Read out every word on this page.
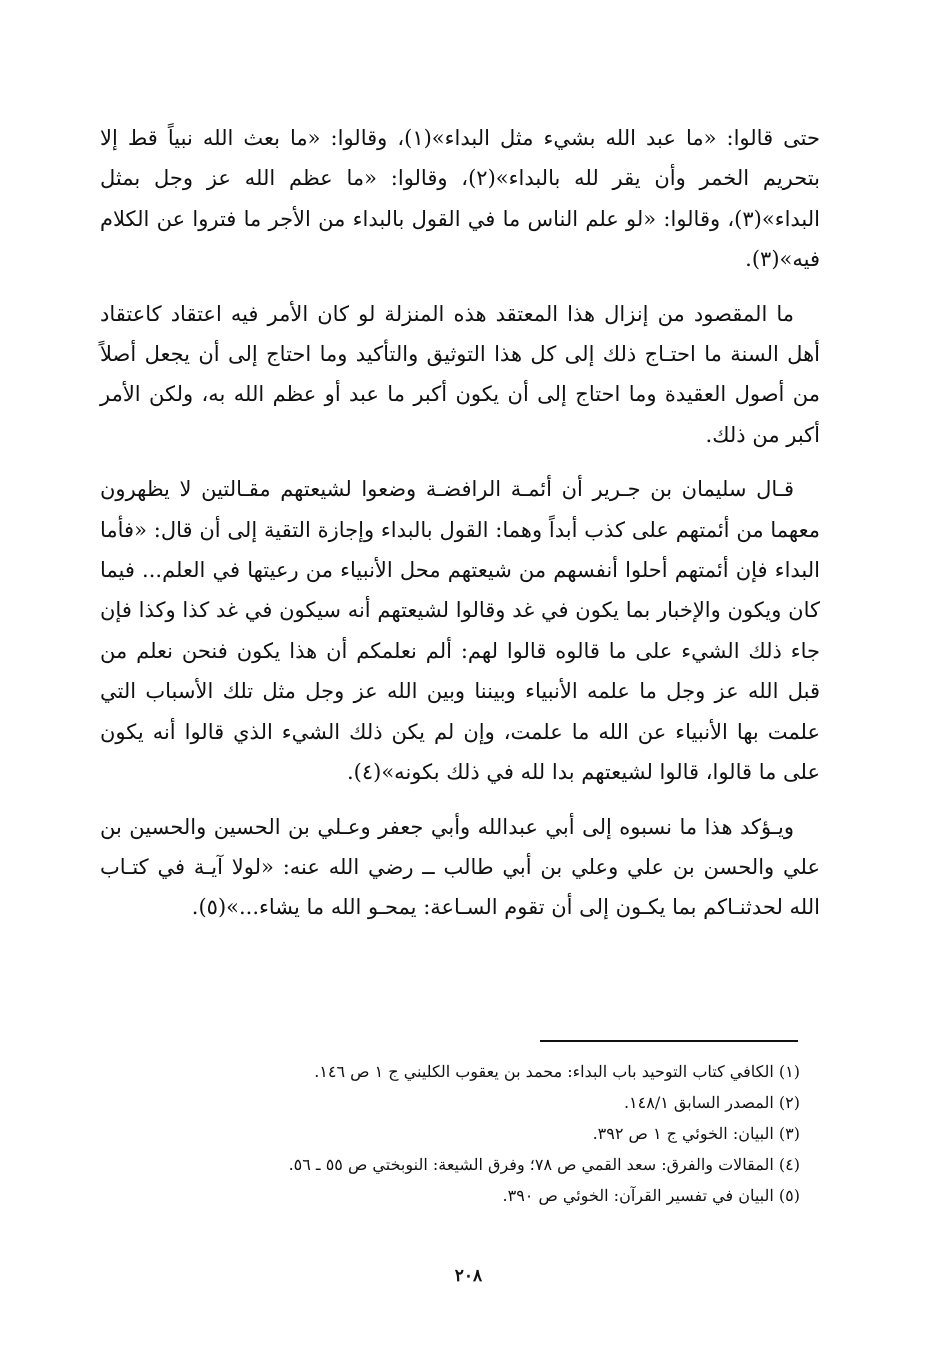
حتى قالوا: «ما عبد الله بشيء مثل البداء»(١)، وقالوا: «ما بعث الله نبياً قط إلا بتحريم الخمر وأن يقر لله بالبداء»(٢)، وقالوا: «ما عظم الله عز وجل بمثل البداء»(٣)، وقالوا: «لو علم الناس ما في القول بالبداء من الأجر ما فتروا عن الكلام فيه»(٣).

ما المقصود من إنزال هذا المعتقد هذه المنزلة لو كان الأمر فيه اعتقاد كاعتقاد أهل السنة ما احتـاج ذلك إلى كل هذا التوثيق والتأكيد وما احتاج إلى أن يجعل أصلاً من أصول العقيدة وما احتاج إلى أن يكون أكبر ما عبد أو عظم الله به، ولكن الأمر أكبر من ذلك.

قـال سليمان بن جـرير أن أئمـة الرافضـة وضعوا لشيعتهم مقـالتين لا يظهرون معهما من أئمتهم على كذب أبداً وهما: القول بالبداء وإجازة التقية إلى أن قال: «فأما البداء فإن أئمتهم أحلوا أنفسهم من شيعتهم محل الأنبياء من رعيتها في العلم... فيما كان ويكون والإخبار بما يكون في غد وقالوا لشيعتهم أنه سيكون في غد كذا وكذا فإن جاء ذلك الشيء على ما قالوه قالوا لهم: ألم نعلمكم أن هذا يكون فنحن نعلم من قبل الله عز وجل ما علمه الأنبياء وبيننا وبين الله عز وجل مثل تلك الأسباب التي علمت بها الأنبياء عن الله ما علمت، وإن لم يكن ذلك الشيء الذي قالوا أنه يكون على ما قالوا، قالوا لشيعتهم بدا لله في ذلك بكونه»(٤).

ويـؤكد هذا ما نسبوه إلى أبي عبدالله وأبي جعفر وعـلي بن الحسين والحسين بن علي والحسن بن علي وعلي بن أبي طالب ــ رضي الله عنه: «لولا آيـة في كتـاب الله لحدثنـاكم بما يكـون إلى أن تقوم السـاعة: يمحـو الله ما يشاء...»(٥).

(١) الكافي كتاب التوحيد باب البداء: محمد بن يعقوب الكليني ج ١ ص ١٤٦.

(٢) المصدر السابق ١٤٨/١.

(٣) البيان: الخوئي ج ١ ص ٣٩٢.

(٤) المقالات والفرق: سعد القمي ص ٧٨؛ وفرق الشيعة: النوبختي ص ٥٥ ـ ٥٦.

(٥) البيان في تفسير القرآن: الخوئي ص ٣٩٠.

٢٠٨
